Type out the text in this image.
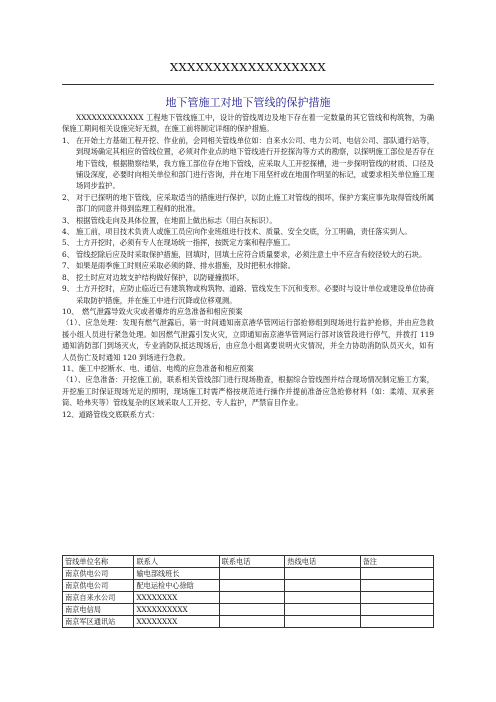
XXXXXXXXXXXXXXXXXX
地下管施工对地下管线的保护措施

XXXXXXXXXXXXX 工程地下管线施工中，设计的管线周边及地下存在着一定数量的其它管线和构筑物，为确保施工期间相关设施完好无损，在施工前将制定详细的保护措施。

1、 在开始土方基础工程开挖、作业前，会同相关管线单位如：自来水公司、电力公司、电信公司、部队通行站等，到现场确定其相应的管线位置，必须对作业点的地下管线进行开挖探沟等方式的勘察，以探明施工部位是否存在地下管线，根据勘察结果，我方施工部位存在地下管线，应采取人工开挖探槽，进一步探明管线的材质、口径及铺设深度，必要时向相关单位和部门进行咨询，并在地下用坚杆或在地面作明显的标记，或要求相关单位施工现场同步监护。
2、 对于已探明的地下管线，应采取适当的措施进行保护，以防止施工对管线的损坏，保护方案应事先取得管线所属部门的同意并得到监理工程师的批准。
3、 根据管线走向及具体位置，在地面上做出标志（用白灰标识）。
4、 施工前，项目技术负责人或施工员应向作业班组进行技术、质量、安全交底，分工明确，责任落实到人。
5、 土方开挖时，必须有专人在现场统一指挥，按既定方案和程序施工。
6、 管线挖除后应及时采取保护措施，回填时，回填土应符合质量要求，必须注意土中不应含有较径较大的石块。
7、 如果是雨季施工时则应采取必须的降、排水措施，及时把积水排除。
8、 挖土时应对边坡支护结构做好保护，以防碰撞损坏。
9、 土方开挖时，应防止临近已有建筑物或构筑物、道路、管线发生下沉和变形。必要时与设计单位或建设单位协商采取防护措施，并在施工中进行沉降或位移观测。
10、 燃气泄露导致火灾或者爆炸的应急准备和相应预案

（1）、应急处理：发现有燃气泄露后，第一时间通知南京港华管网运行部抢修组到现场进行监护抢修，并由应急救援小组人员进行紧急处理。如因燃气泄露引发火灾，立即通知南京港华管网运行部对该管段进行停气，并拨打 119 通知消防部门到场灭火，专业消防队抵达现场后，由应急小组离要说明火灾情况，并全力协助消防队员灭火，如有人员伤亡及时通知 120 到场进行急救。

11、施工中挖断水、电、通信、电缆的应急准备和相应预案

（1）、应急准备：开挖施工前，联系相关管线部门进行现场勘查，根据综合管线图并结合现场情况制定施工方案，开挖施工时保证现场光足的照明，现场施工时需严格按规范进行操作并提前准备应急抢修材料（如：柔靖、双承套筒、哈弗夹等）管线复杂的区域采取人工开挖、专人监护，严禁盲目作业。

12、道路管线交底联系方式：

管线单位名称	联系人	联系电话	热线电话	备注
南京供电公司	输电部线班长			
南京供电公司	配电运检中心徐晗			
南京自来水公司	XXXXXXXX			
南京电信局	XXXXXXXXXX			
南京军区通讯站	XXXXXXXX			
